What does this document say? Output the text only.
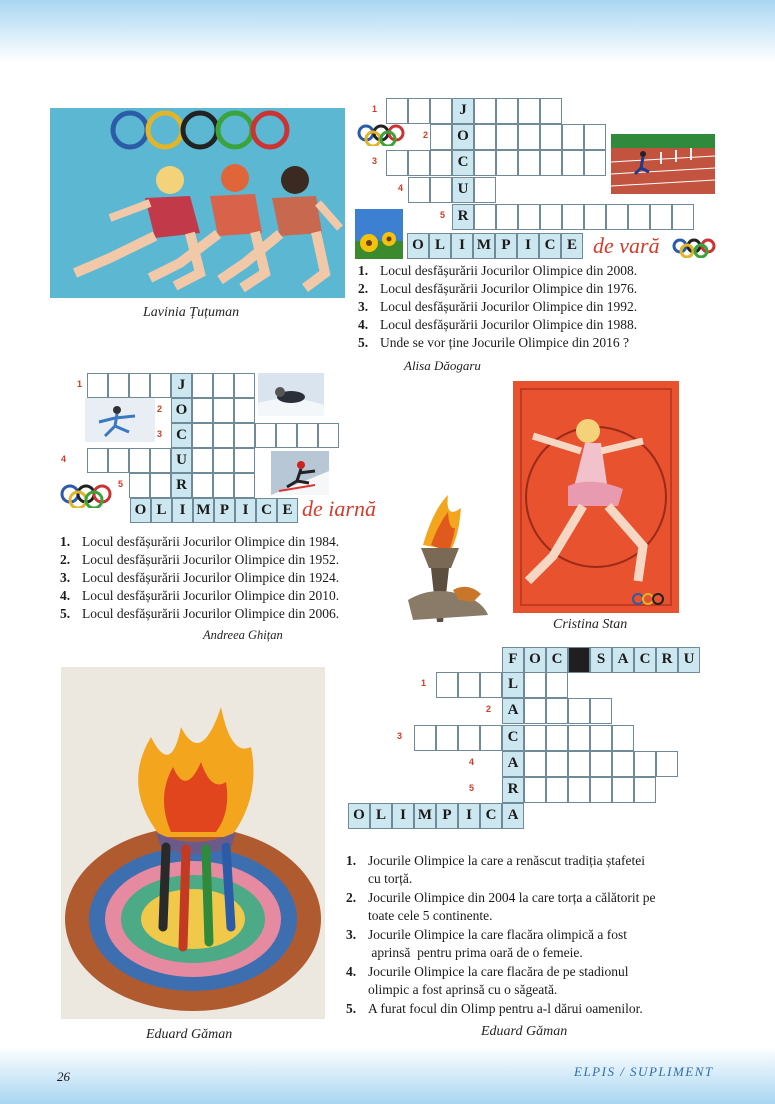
Lavinia Țuțuman
1	J
2	O
3	C
4	U
5 R
O L I M P I C E de vară
1. Locul desfășurării Jocurilor Olimpice din 2008.
2. Locul desfășurării Jocurilor Olimpice din 1976.
3. Locul desfășurării Jocurilor Olimpice din 1992.
4. Locul desfășurării Jocurilor Olimpice din 1988.
5. Unde se vor ține Jocurile Olimpice din 2016 ?
Alisa Dăogaru
1	J
2 O
3 C
4	U
5	R
O L I M P I C E de iarnă
1. Locul desfășurării Jocurilor Olimpice din 1984.
2. Locul desfășurării Jocurilor Olimpice din 1952.
3. Locul desfășurării Jocurilor Olimpice din 1924.
4. Locul desfășurării Jocurilor Olimpice din 2010.
5. Locul desfășurării Jocurilor Olimpice din 2006.
Andreea Ghițan
Cristina Stan
Eduard Găman
1	L
2	A
3	C
4	A
5	R
O L I M P I C A
F O C	S A C R U
1. Jocurile Olimpice la care a renăscut tradiția ștafetei
cu torță.
2. Jocurile Olimpice din 2004 la care torța a călătorit pe
toate cele 5 continente.
3. Jocurile Olimpice la care flacăra olimpică a fost
aprinsă  pentru prima oară de o femeie.
4. Jocurile Olimpice la care flacăra de pe stadionul
olimpic a fost aprinsă cu o săgeată.
5. A furat focul din Olimp pentru a-l dărui oamenilor.
Eduard Găman
26	ELPIS / SUPLIMENT
